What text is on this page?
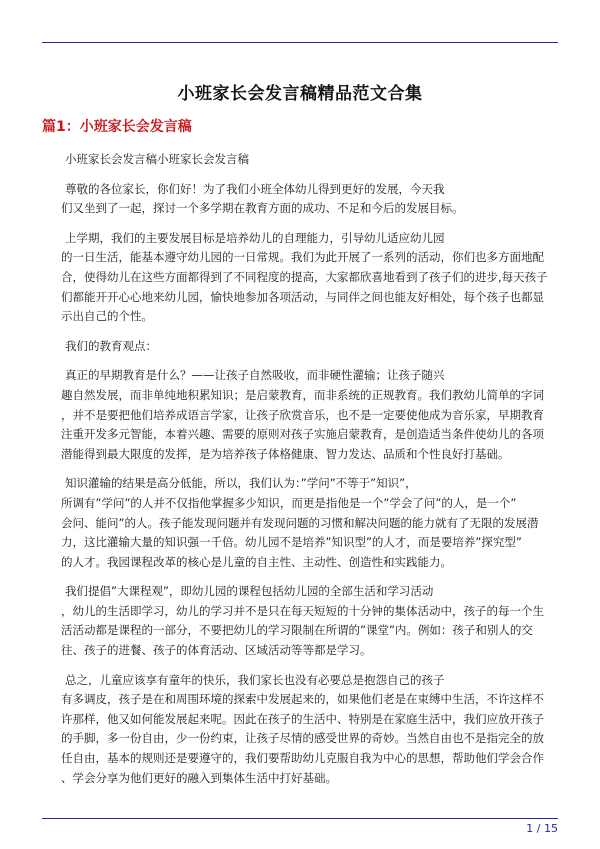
小班家长会发言稿精品范文合集
篇1：小班家长会发言稿

小班家长会发言稿小班家长会发言稿

尊敬的各位家长，你们好！为了我们小班全体幼儿得到更好的发展，今天我
们又坐到了一起，探讨一个多学期在教育方面的成功、不足和今后的发展目标。

上学期，我们的主要发展目标是培养幼儿的自理能力，引导幼儿适应幼儿园
的一日生活，能基本遵守幼儿园的一日常规。我们为此开展了一系列的活动，你们也多方面地配
合，使得幼儿在这些方面都得到了不同程度的提高，大家都欣喜地看到了孩子们的进步,每天孩子
们都能开开心心地来幼儿园，愉快地参加各项活动，与同伴之间也能友好相处，每个孩子也都显
示出自己的个性。

我们的教育观点：

真正的早期教育是什么？——让孩子自然吸收，而非硬性灌输；让孩子随兴
趣自然发展，而非单纯地积累知识；是启蒙教育，而非系统的正规教育。我们教幼儿简单的字词
，并不是要把他们培养成语言学家，让孩子欣赏音乐，也不是一定要使他成为音乐家，早期教育
注重开发多元智能，本着兴趣、需要的原则对孩子实施启蒙教育，是创造适当条件使幼儿的各项
潜能得到最大限度的发挥，是为培养孩子体格健康、智力发达、品质和个性良好打基础。

知识灌输的结果是高分低能，所以，我们认为：”学问”不等于”知识”，
所调有”学问”的人并不仅指他掌握多少知识，而更是指他是一个”学会了问”的人，是一个”
会问、能问”的人。孩子能发现问题并有发现问题的习惯和解决问题的能力就有了无限的发展潜
力，这比灌输大量的知识强一千倍。幼儿园不是培养”知识型”的人才，而是要培养”探究型”
的人才。我园课程改革的核心是儿童的自主性、主动性、创造性和实践能力。

我们提倡”大课程观”，即幼儿园的课程包括幼儿园的全部生活和学习活动
，幼儿的生活即学习，幼儿的学习并不是只在每天短短的十分钟的集体活动中，孩子的每一个生
活活动都是课程的一部分，不要把幼儿的学习限制在所谓的”课堂”内。例如：孩子和别人的交
往、孩子的进餐、孩子的体育活动、区域活动等等都是学习。

总之，儿童应该享有童年的快乐，我们家长也没有必要总是抱怨自己的孩子
有多调皮，孩子是在和周围环境的探索中发展起来的，如果他们老是在束缚中生活，不许这样不
许那样，他又如何能发展起来呢。因此在孩子的生活中、特别是在家庭生活中，我们应放开孩子
的手脚，多一份自由，少一份约束，让孩子尽情的感受世界的奇妙。当然自由也不是指完全的放
任自由，基本的规则还是要遵守的，我们要帮助幼儿克服自我为中心的思想，帮助他们学会合作
、学会分享为他们更好的融入到集体生活中打好基础。

1 / 15
